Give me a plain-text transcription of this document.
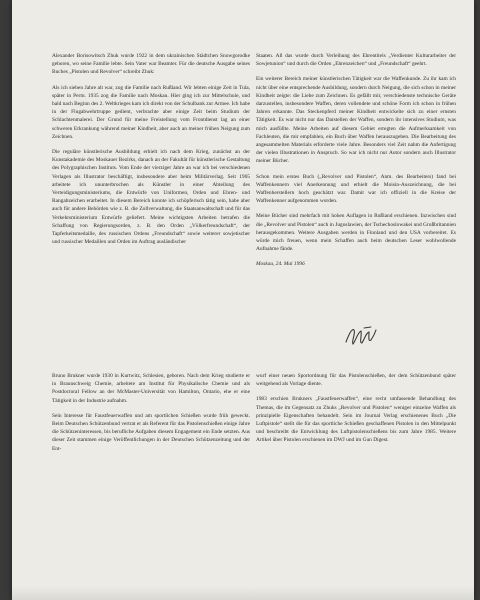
Alexander Borisowitsch Zhuk wurde 1922 in dem ukrainischen Städtchen Snowgorodke geboren, wo seine Familie lebte. Sein Vater war Beamter. Für die deutsche Ausgabe seines Buches „Pistolen und Revolver“ schreibt Zhuk:

Als ich sieben Jahre alt war, zog die Familie nach Rußland. Wir lebten einige Zeit in Tula, später in Perm. 1935 zog die Familie nach Moskau. Hier ging ich zur Mittelschule, und bald nach Beginn des 2. Weltkrieges kam ich direkt von der Schulbank zur Armee. Ich habe in der Flugabwehrtruppe gedient, verbrachte aber einige Zeit beim Studium der Schlachtenmalerei. Der Grund für meine Freistellung vom Frontdienst lag an einer schweren Erkrankung während meiner Kindheit, aber auch an meiner frühen Neigung zum Zeichnen.

Die reguläre künstlerische Ausbildung erhielt ich nach dem Krieg, zunächst an der Kunstakademie des Moskauer Bezirks, danach an der Fakultät für künstlerische Gestaltung des Polygraphischen Instituts. Vom Ende der vierziger Jahre an war ich bei verschiedenen Verlagen als Illustrator beschäftigt, insbesondere aber beim Militärverlag. Seit 1965 arbeitete ich ununterbrochen als Künstler in einer Abteilung des Verteidigungsministeriums, die Entwürfe von Uniformen, Orden und Ehren- und Rangabzeichen erarbeitet. In diesem Bereich konnte ich schöpferisch tätig sein, habe aber auch für andere Behörden wie z. B. die Zollverwaltung, die Staatsanwaltschaft und für das Verkehrsministerium Entwürfe geliefert. Meine wichtigsten Arbeiten betrafen die Schaffung von Regierungsorden, z. B. den Orden „Völkerfreundschaft“, der Tapferkeitsmedaille, des russischen Ordens „Freundschaft“ sowie weiterer sowjetischer und russischer Medaillen und Orden im Auftrag ausländischer

Staaten. All das wurde durch Verleihung des Ehrentitels „Verdienter Kulturarbeiter der Sowjetunion“ und durch die Orden „Ehrenzeichen“ und „Freundschaft“ geehrt.

Ein weiterer Bereich meiner künstlerischen Tätigkeit war die Waffenkunde. Zu ihr kam ich nicht über eine entsprechende Ausbildung, sondern durch Neigung, die sich schon in meiner Kindheit zeigte: die Liebe zum Zeichnen. Es gefällt mir, verschiedenste technische Geräte darzustellen, insbesondere Waffen, deren vollendete und schöne Form ich schon in frühen Jahren erkannte. Das Steckenpferd meiner Kindheit entwickelte sich zu einer ernsten Tätigkeit. Es war nicht nur das Darstellen der Waffen, sondern ihr intensives Studium, was mich ausfüllte. Meine Arbeiten auf diesem Gebiet erregten die Aufmerksamkeit von Fachleuten, die mir empfahlen, ein Buch über Waffen herauszugeben. Die Bearbeitung des angesammelten Materials erforderte viele Jahre. Besonders viel Zeit nahm die Anfertigung der vielen Illustrationen in Anspruch. So war ich nicht nur Autor sondern auch Illustrator meiner Bücher.

Schon mein erstes Buch („Revolver und Pistolen“, Anm. des Bearbeiters) fand bei Waffenkennern viel Anerkennung und erhielt die Moisin-Auszeichnung, die bei Waffenherstellern hoch geschätzt war. Damit war ich offiziell in die Kreise der Waffenkenner aufgenommen worden.

Meine Bücher sind mehrfach mit hohen Auflagen in Rußland erschienen. Inzwischen sind die „Revolver und Pistolen“ auch in Jugoslawien, der Tschechoslowakei und Großbritannien herausgekommen. Weitere Ausgaben werden in Finnland und den USA vorbereitet. Es würde mich freuen, wenn mein Schaffen auch beim deutschen Leser wohlwollende Aufnahme fände.

Moskau, 24. Mai 1996

Bruno Brukner wurde 1930 in Kurtwitz, Schlesien, geboren. Nach dem Krieg studierte er in Braunschweig Chemie, arbeitete am Institut für Physikalische Chemie und als Postdoctoral Fellow an der McMaster-Universität von Hamilton, Ontario, ehe er eine Tätigkeit in der Industrie aufnahm.

Sein Interesse für Faustfeuerwaffen und am sportlichen Schießen wurde früh geweckt. Beim Deutschen Schützenbund vertrat er als Referent für das Pistolenschießen einige Jahre die Schützeninteressen, bis berufliche Aufgaben diesem Engagement ein Ende setzten. Aus dieser Zeit stammen einige Veröffentlichungen in der Deutschen Schützenzeitung und der Ent-

wurf einer neuen Sportordnung für das Pistolenschießen, der dem Schützenbund später weitgehend als Vorlage diente.

1983 erschien Brukners „Faustfeuerwaffen“, eine recht umfassende Behandlung des Themas, die im Gegensatz zu Zhuks „Revolver und Pistolen“ weniger einzelne Waffen als prinzipielle Eigenschaften behandelt. Sein im Journal Verlag erschienenes Buch „Die Luftpistole“ stellt die für das sportliche Schießen geschaffenen Pistolen in den Mittelpunkt und beschreibt die Entwicklung des Luftpistolenschießens bis zum Jahre 1985. Weitere Artikel über Pistolen erschienen im DWJ und im Gun Digest.
